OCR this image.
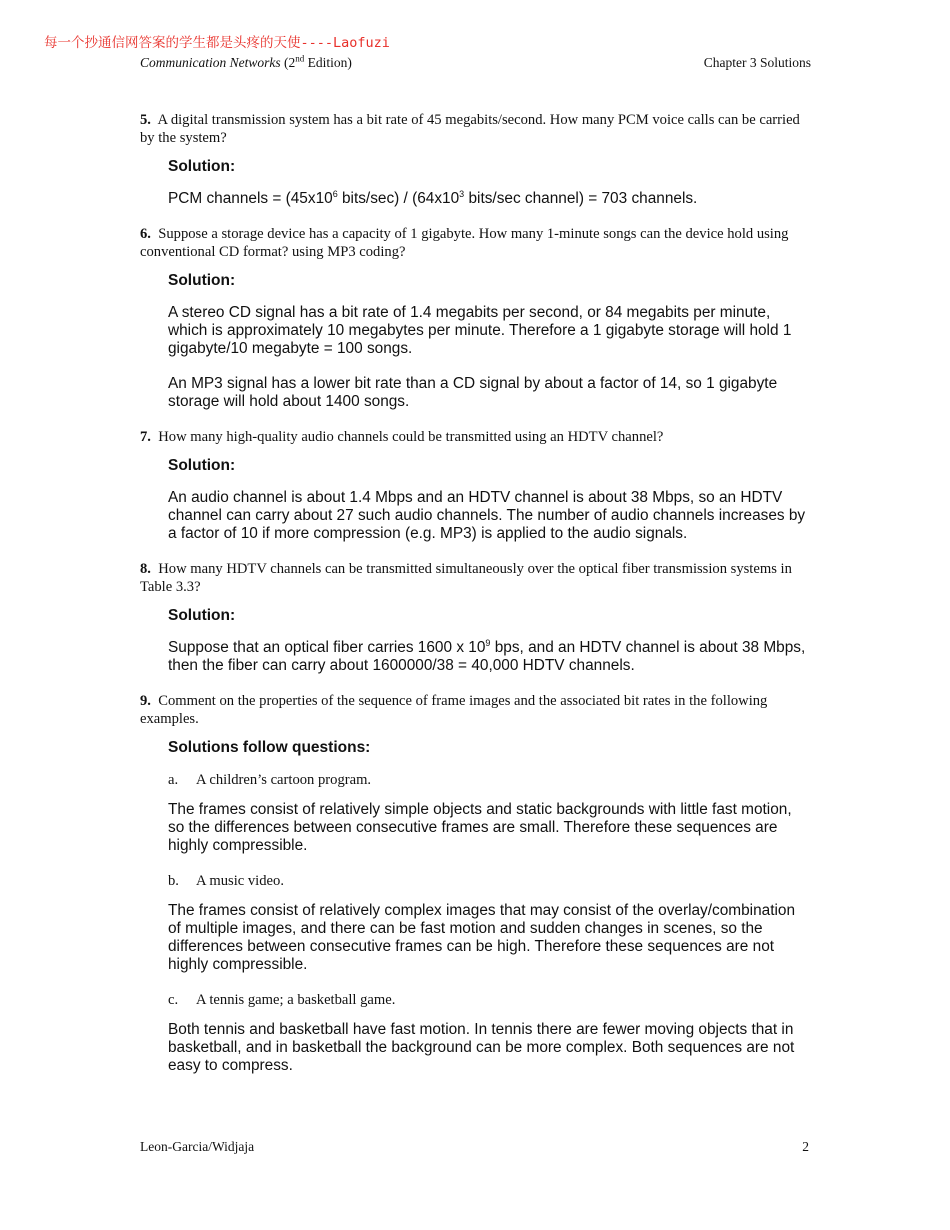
每一个抄通信网答案的学生都是头疼的天使----Laofuzi
Communication Networks (2nd Edition)	Chapter 3 Solutions

5. A digital transmission system has a bit rate of 45 megabits/second. How many PCM voice calls can be carried by the system?

Solution:

PCM channels = ($45x10^6$ bits/sec) / ($64x10^3$ bits/sec channel) = 703 channels.

6. Suppose a storage device has a capacity of 1 gigabyte. How many 1-minute songs can the device hold using conventional CD format? using MP3 coding?

Solution:

A stereo CD signal has a bit rate of 1.4 megabits per second, or 84 megabits per minute, which is approximately 10 megabytes per minute. Therefore a 1 gigabyte storage will hold 1 gigabyte/10 megabyte = 100 songs.

An MP3 signal has a lower bit rate than a CD signal by about a factor of 14, so 1 gigabyte storage will hold about 1400 songs.

7. How many high-quality audio channels could be transmitted using an HDTV channel?

Solution:

An audio channel is about 1.4 Mbps and an HDTV channel is about 38 Mbps, so an HDTV channel can carry about 27 such audio channels. The number of audio channels increases by a factor of 10 if more compression (e.g. MP3) is applied to the audio signals.

8. How many HDTV channels can be transmitted simultaneously over the optical fiber transmission systems in Table 3.3?

Solution:

Suppose that an optical fiber carries 1600 x $10^9$ bps, and an HDTV channel is about 38 Mbps, then the fiber can carry about 1600000/38 = 40,000 HDTV channels.

9. Comment on the properties of the sequence of frame images and the associated bit rates in the following examples.

Solutions follow questions:
a.	A children’s cartoon program.

The frames consist of relatively simple objects and static backgrounds with little fast motion, so the differences between consecutive frames are small. Therefore these sequences are highly compressible.

b.	A music video.

The frames consist of relatively complex images that may consist of the overlay/combination of multiple images, and there can be fast motion and sudden changes in scenes, so the differences between consecutive frames can be high. Therefore these sequences are not highly compressible.

c.	A tennis game; a basketball game.

Both tennis and basketball have fast motion. In tennis there are fewer moving objects that in basketball, and in basketball the background can be more complex. Both sequences are not easy to compress.

Leon-Garcia/Widjaja	2
